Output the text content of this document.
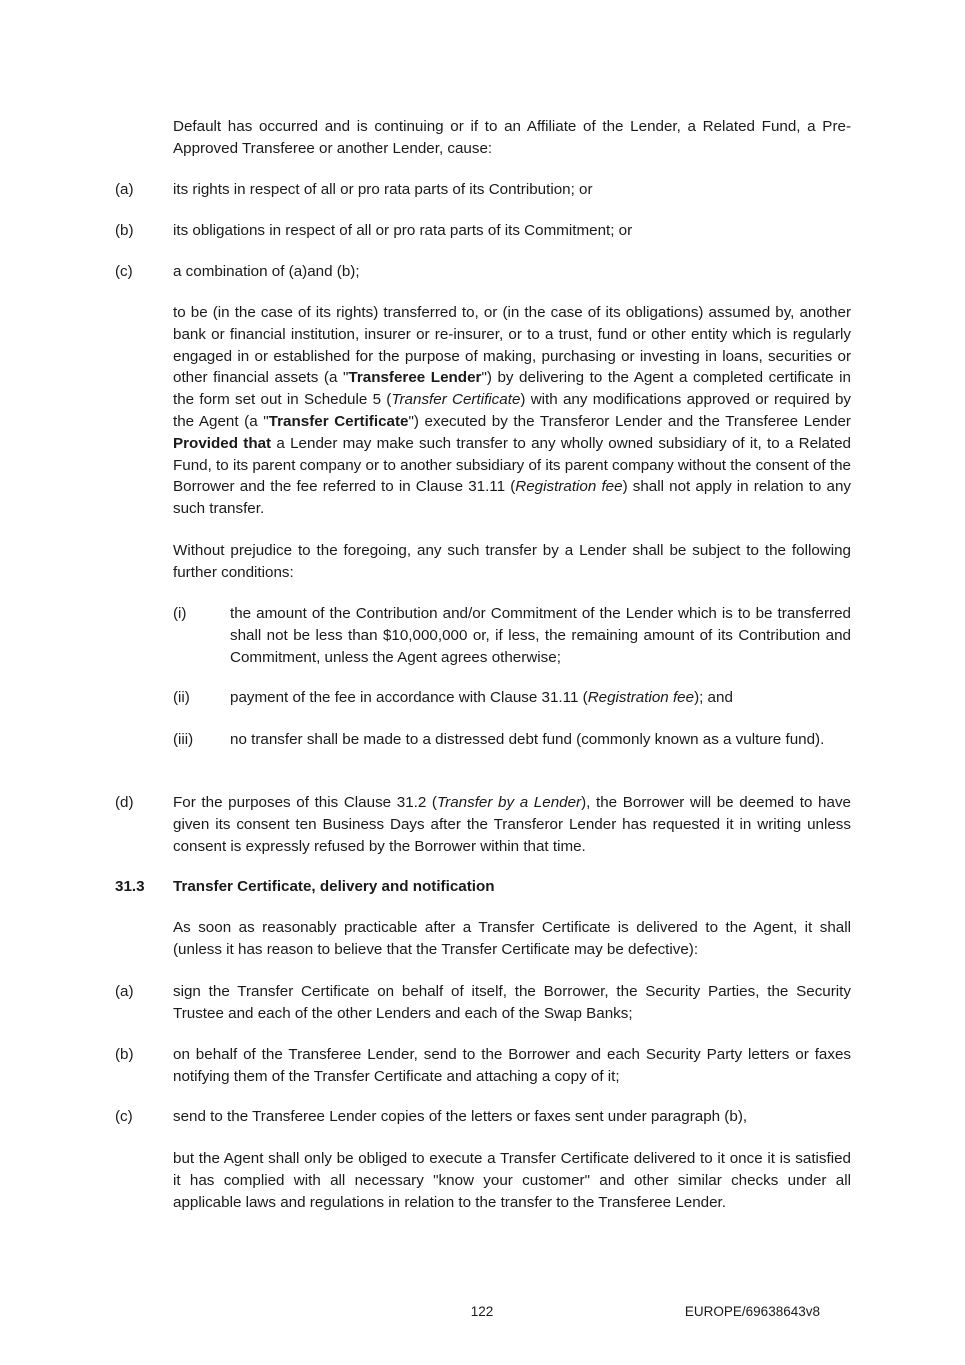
Default has occurred and is continuing or if to an Affiliate of the Lender, a Related Fund, a Pre-Approved Transferee or another Lender, cause:

(a)	its rights in respect of all or pro rata parts of its Contribution; or
(b)	its obligations in respect of all or pro rata parts of its Commitment; or
(c)	a combination of (a)and (b);

to be (in the case of its rights) transferred to, or (in the case of its obligations) assumed by, another bank or financial institution, insurer or re-insurer, or to a trust, fund or other entity which is regularly engaged in or established for the purpose of making, purchasing or investing in loans, securities or other financial assets (a "Transferee Lender") by delivering to the Agent a completed certificate in the form set out in Schedule 5 (Transfer Certificate) with any modifications approved or required by the Agent (a "Transfer Certificate") executed by the Transferor Lender and the Transferee Lender Provided that a Lender may make such transfer to any wholly owned subsidiary of it, to a Related Fund, to its parent company or to another subsidiary of its parent company without the consent of the Borrower and the fee referred to in Clause 31.11 (Registration fee) shall not apply in relation to any such transfer.

Without prejudice to the foregoing, any such transfer by a Lender shall be subject to the following further conditions:

(i)	the amount of the Contribution and/or Commitment of the Lender which is to be transferred shall not be less than $10,000,000 or, if less, the remaining amount of its Contribution and Commitment, unless the Agent agrees otherwise;
(ii)	payment of the fee in accordance with Clause 31.11 (Registration fee); and
(iii)	no transfer shall be made to a distressed debt fund (commonly known as a vulture fund).
(d)	For the purposes of this Clause 31.2 (Transfer by a Lender), the Borrower will be deemed to have given its consent ten Business Days after the Transferor Lender has requested it in writing unless consent is expressly refused by the Borrower within that time.
31.3 Transfer Certificate, delivery and notification

As soon as reasonably practicable after a Transfer Certificate is delivered to the Agent, it shall (unless it has reason to believe that the Transfer Certificate may be defective):

(a)	sign the Transfer Certificate on behalf of itself, the Borrower, the Security Parties, the Security Trustee and each of the other Lenders and each of the Swap Banks;
(b)	on behalf of the Transferee Lender, send to the Borrower and each Security Party letters or faxes notifying them of the Transfer Certificate and attaching a copy of it;
(c)	send to the Transferee Lender copies of the letters or faxes sent under paragraph (b),

but the Agent shall only be obliged to execute a Transfer Certificate delivered to it once it is satisfied it has complied with all necessary "know your customer" and other similar checks under all applicable laws and regulations in relation to the transfer to the Transferee Lender.

122	EUROPE/69638643v8
